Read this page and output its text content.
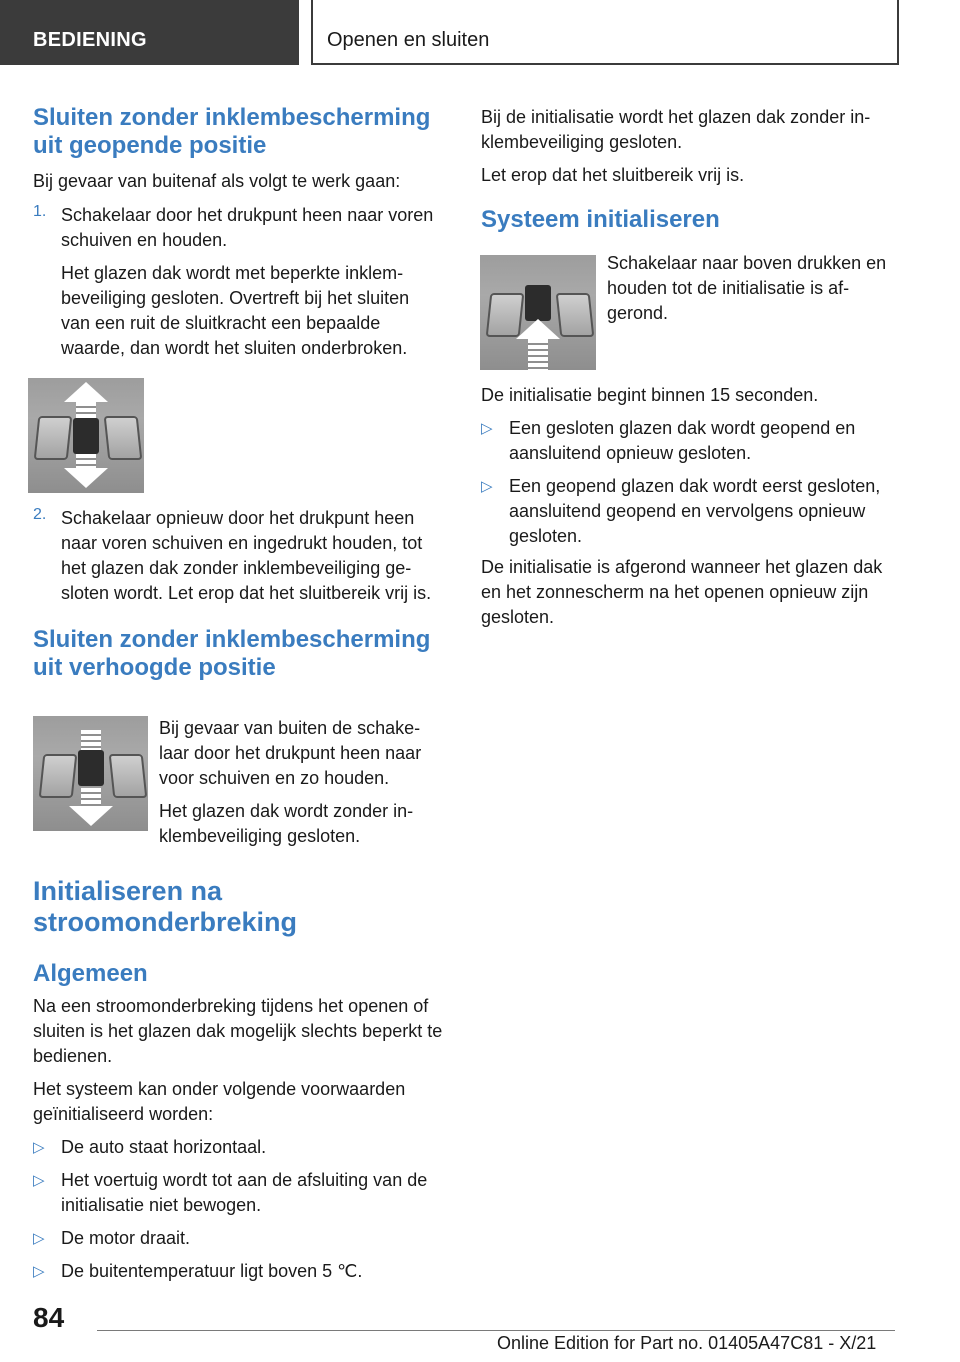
BEDIENING	Openen en sluiten
Sluiten zonder inklembescherming uit geopende positie

Bij gevaar van buitenaf als volgt te werk gaan:

1. Schakelaar door het drukpunt heen naar voren schuiven en houden.

Het glazen dak wordt met beperkte inklembeveiliging gesloten. Overtreft bij het sluiten van een ruit de sluitkracht een bepaalde waarde, dan wordt het sluiten onderbroken.

2. Schakelaar opnieuw door het drukpunt heen naar voren schuiven en ingedrukt houden, tot het glazen dak zonder inklembeveiliging gesloten wordt. Let erop dat het sluitbereik vrij is.

Sluiten zonder inklembescherming uit verhoogde positie

Bij gevaar van buiten de schakelaar door het drukpunt heen naar voor schuiven en zo houden.

Het glazen dak wordt zonder inklembeveiliging gesloten.

Initialiseren na stroomonderbreking
Algemeen

Na een stroomonderbreking tijdens het openen of sluiten is het glazen dak mogelijk slechts beperkt te bedienen.

Het systeem kan onder volgende voorwaarden geïnitialiseerd worden:

▷ De auto staat horizontaal.
▷ Het voertuig wordt tot aan de afsluiting van de initialisatie niet bewogen.
▷ De motor draait.
▷ De buitentemperatuur ligt boven 5 ℃.

Bij de initialisatie wordt het glazen dak zonder inklembeveiliging gesloten.

Let erop dat het sluitbereik vrij is.

Systeem initialiseren

Schakelaar naar boven drukken en houden tot de initialisatie is afgerond.

De initialisatie begint binnen 15 seconden.

▷ Een gesloten glazen dak wordt geopend en aansluitend opnieuw gesloten.
▷ Een geopend glazen dak wordt eerst gesloten, aansluitend geopend en vervolgens opnieuw gesloten.

De initialisatie is afgerond wanneer het glazen dak en het zonnescherm na het openen opnieuw zijn gesloten.

84
Online Edition for Part no. 01405A47C81 - X/21
